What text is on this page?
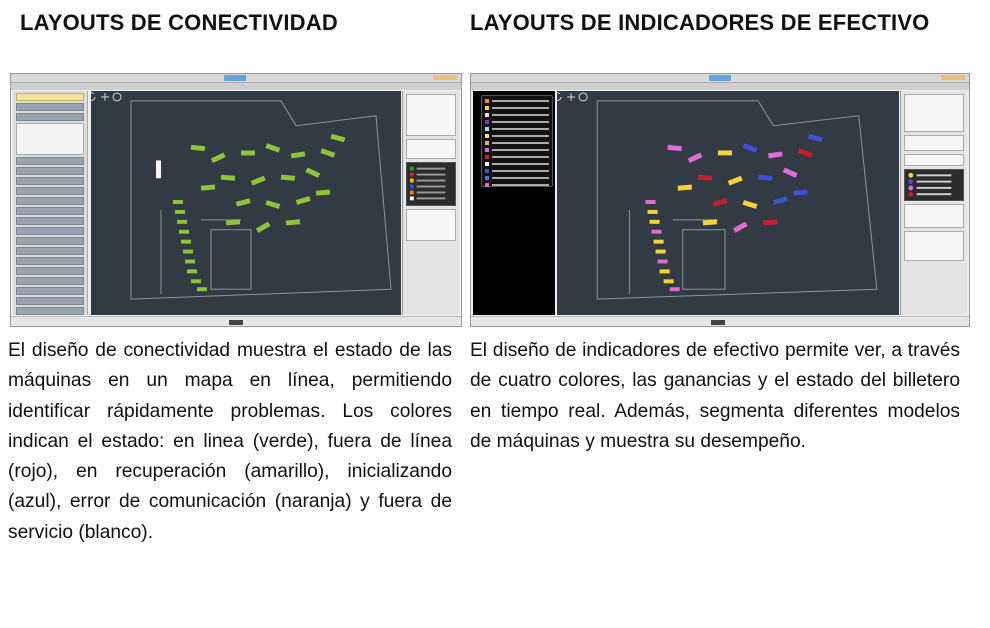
LAYOUTS DE CONECTIVIDAD

El diseño de conectividad muestra el estado de las máquinas en un mapa en línea, permitiendo identificar rápidamente problemas. Los colores indican el estado: en linea (verde), fuera de línea (rojo), en recuperación (amarillo), inicializando (azul), error de comunicación (naranja) y fuera de servicio (blanco).

LAYOUTS DE INDICADORES DE EFECTIVO

El diseño de indicadores de efectivo permite ver, a través de cuatro colores, las ganancias y el estado del billetero en tiempo real. Además, segmenta diferentes modelos de máquinas y muestra su desempeño.
